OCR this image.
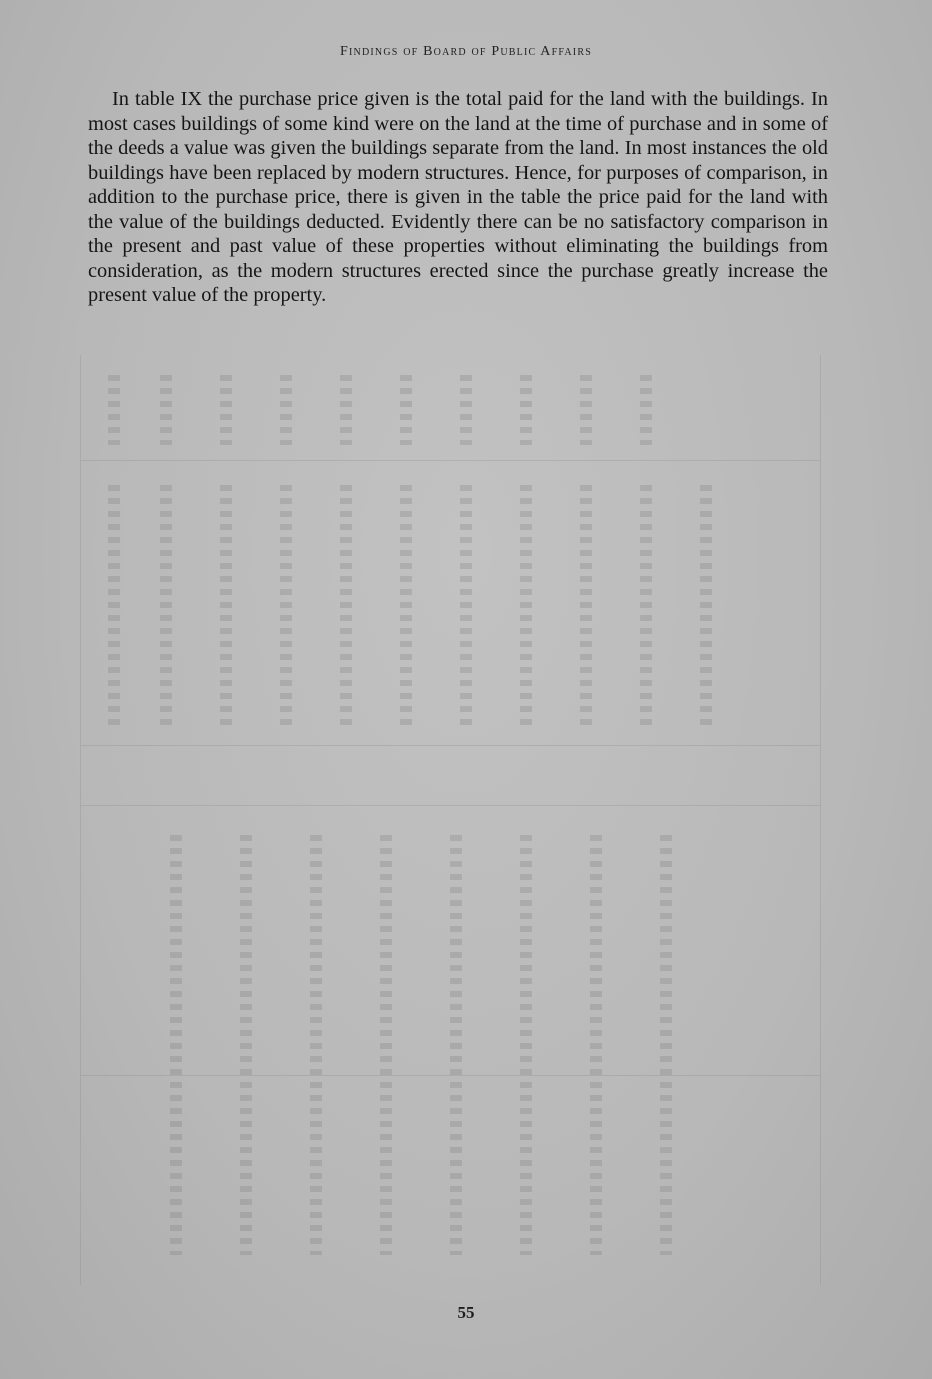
Findings of Board of Public Affairs

In table IX the purchase price given is the total paid for the land with the buildings. In most cases buildings of some kind were on the land at the time of purchase and in some of the deeds a value was given the buildings separate from the land. In most instances the old buildings have been replaced by modern structures. Hence, for purposes of comparison, in addition to the purchase price, there is given in the table the price paid for the land with the value of the buildings deducted. Evidently there can be no satisfactory comparison in the present and past value of these properties without eliminating the buildings from consideration, as the modern structures erected since the purchase greatly increase the present value of the property.

55
